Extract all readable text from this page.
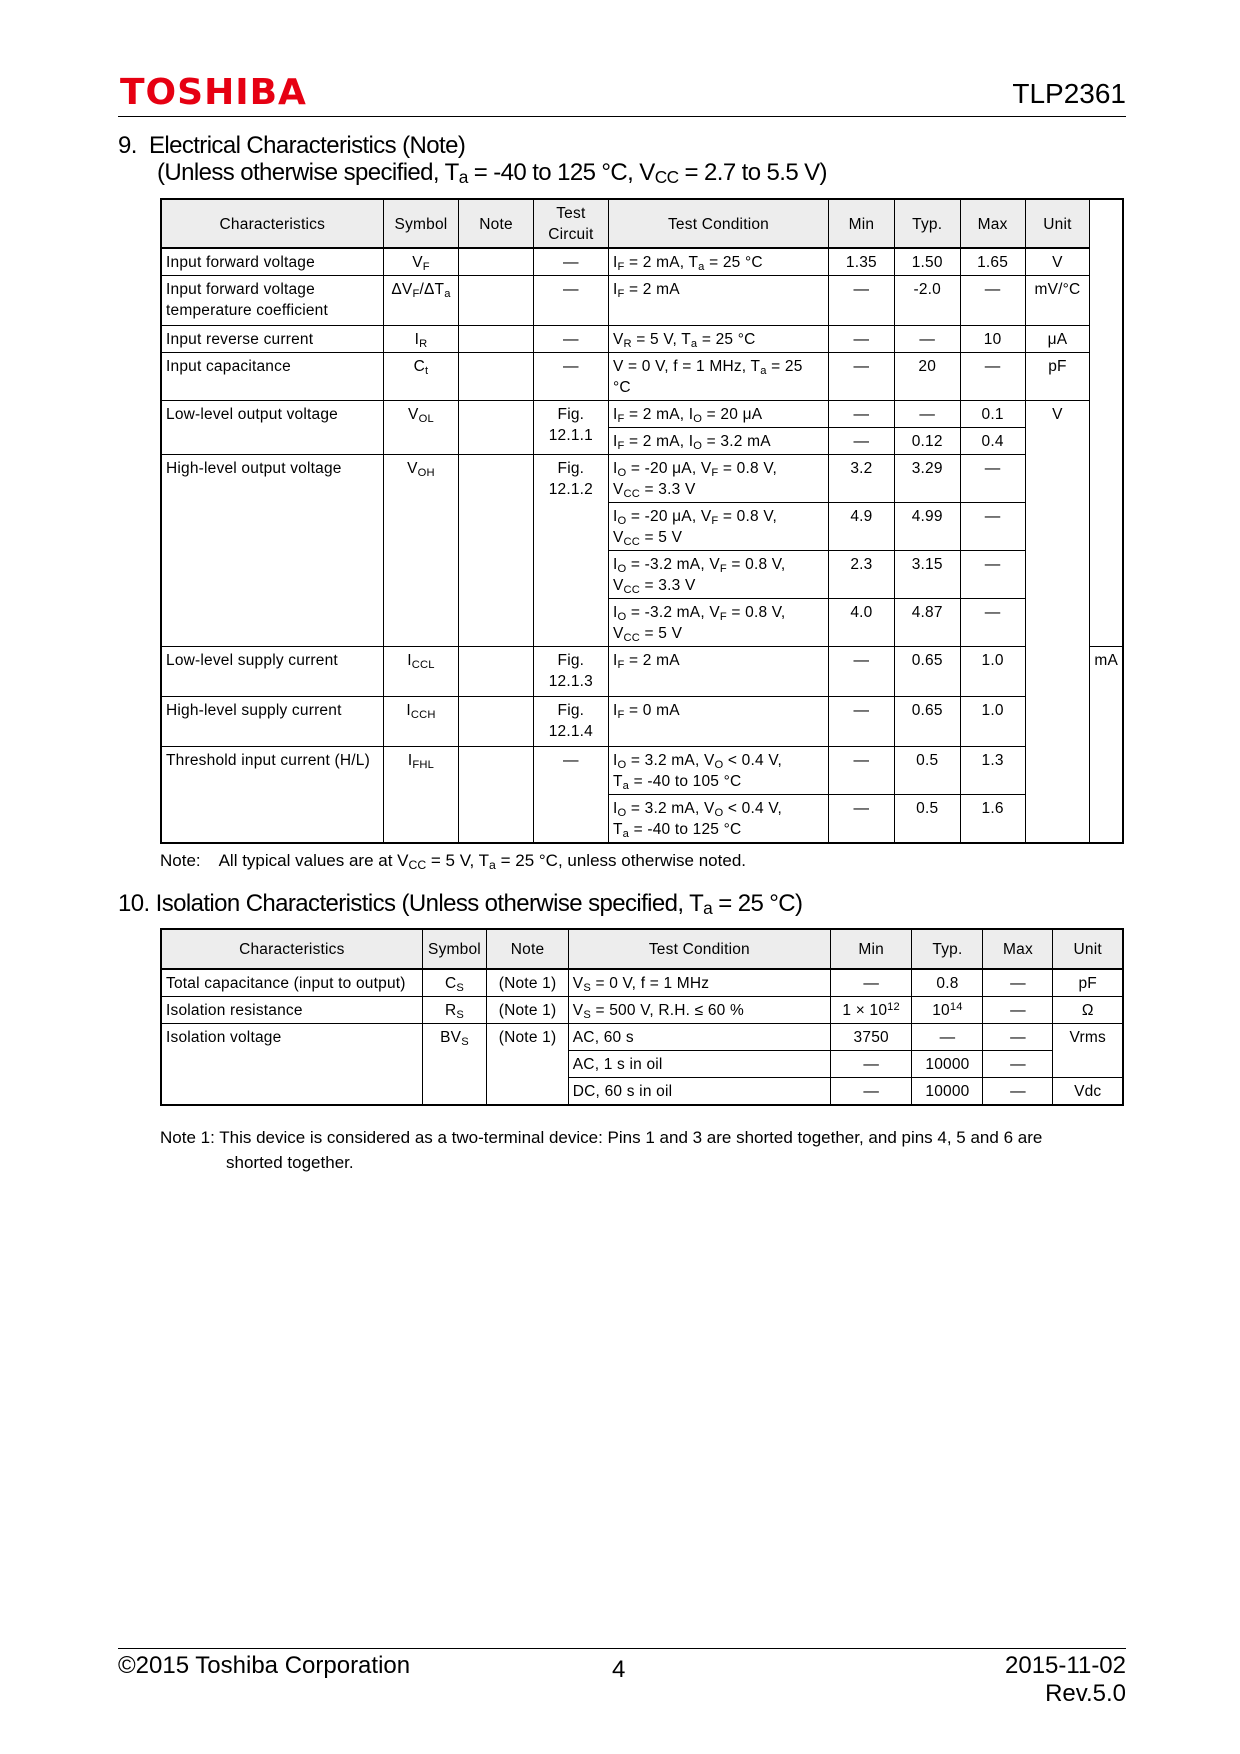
TOSHIBA	TLP2361
9.  Electrical Characteristics (Note)
(Unless otherwise specified, $T_a = -40$ to 125 °C, $V_{CC} = 2.7$ to 5.5 V)
Characteristics	Symbol	Note	Test Circuit	Test Condition	Min	Typ.	Max	Unit	
Input forward voltage	$V_F$		—	$I_F = 2$ mA, $T_a = 25$ °C	1.35	1.50	1.65	V	
Input forward voltage temperature coefficient	$\Delta V_F/\Delta T_a$		—	$I_F = 2$ mA	—	-2.0	—	mV/°C	
Input reverse current	$I_R$		—	$V_R = 5$ V, $T_a = 25$ °C	—	—	10	μA	
Input capacitance	$C_t$		—	V = 0 V, f = 1 MHz, $T_a = 25$ °C	—	20	—	pF	
Low-level output voltage	$V_{OL}$		Fig. 12.1.1	$I_F = 2$ mA, $I_O = 20$ μA	—	—	0.1	V	
				$I_F = 2$ mA, $I_O = 3.2$ mA	—	0.12	0.4		
High-level output voltage	$V_{OH}$		Fig. 12.1.2	$I_O = -20$ μA, $V_F = 0.8$ V,
$V_{CC} = 3.3$ V	3.2	3.29	—		
				$I_O = -20$ μA, $V_F = 0.8$ V,
$V_{CC} = 5$ V	4.9	4.99	—		
				$I_O = -3.2$ mA, $V_F = 0.8$ V,
$V_{CC} = 3.3$ V	2.3	3.15	—		
				$I_O = -3.2$ mA, $V_F = 0.8$ V,
$V_{CC} = 5$ V	4.0	4.87	—		
Low-level supply current	$I_{CCL}$		Fig. 12.1.3	$I_F = 2$ mA	—	0.65	1.0		mA
High-level supply current	$I_{CCH}$		Fig. 12.1.4	$I_F = 0$ mA	—	0.65	1.0		
Threshold input current (H/L)	$I_{FHL}$		—	$I_O = 3.2$ mA, $V_O < 0.4$ V,
$T_a = -40$ to 105 °C	—	0.5	1.3		
				$I_O = 3.2$ mA, $V_O < 0.4$ V,
$T_a = -40$ to 125 °C	—	0.5	1.6		
Note:    All typical values are at $V_{CC} = 5$ V, $T_a = 25$ °C, unless otherwise noted.
10. Isolation Characteristics (Unless otherwise specified, $T_a = 25$ °C)
Characteristics	Symbol	Note	Test Condition	Min	Typ.	Max	Unit
Total capacitance (input to output)	$C_S$	(Note 1)	$V_S = 0$ V, f = 1 MHz	—	0.8	—	pF
Isolation resistance	$R_S$	(Note 1)	$V_S = 500$ V, R.H. ≤ 60 %	$1 \times 10^{12}$	$10^{14}$	—	Ω
Isolation voltage	$BV_S$	(Note 1)	AC, 60 s	3750	—	—	Vrms
			AC, 1 s in oil	—	10000	—	
			DC, 60 s in oil	—	10000	—	Vdc
Note 1: This device is considered as a two-terminal device: Pins 1 and 3 are shorted together, and pins 4, 5 and 6 are
shorted together.
©2015 Toshiba Corporation	4	2015-11-02
Rev.5.0
